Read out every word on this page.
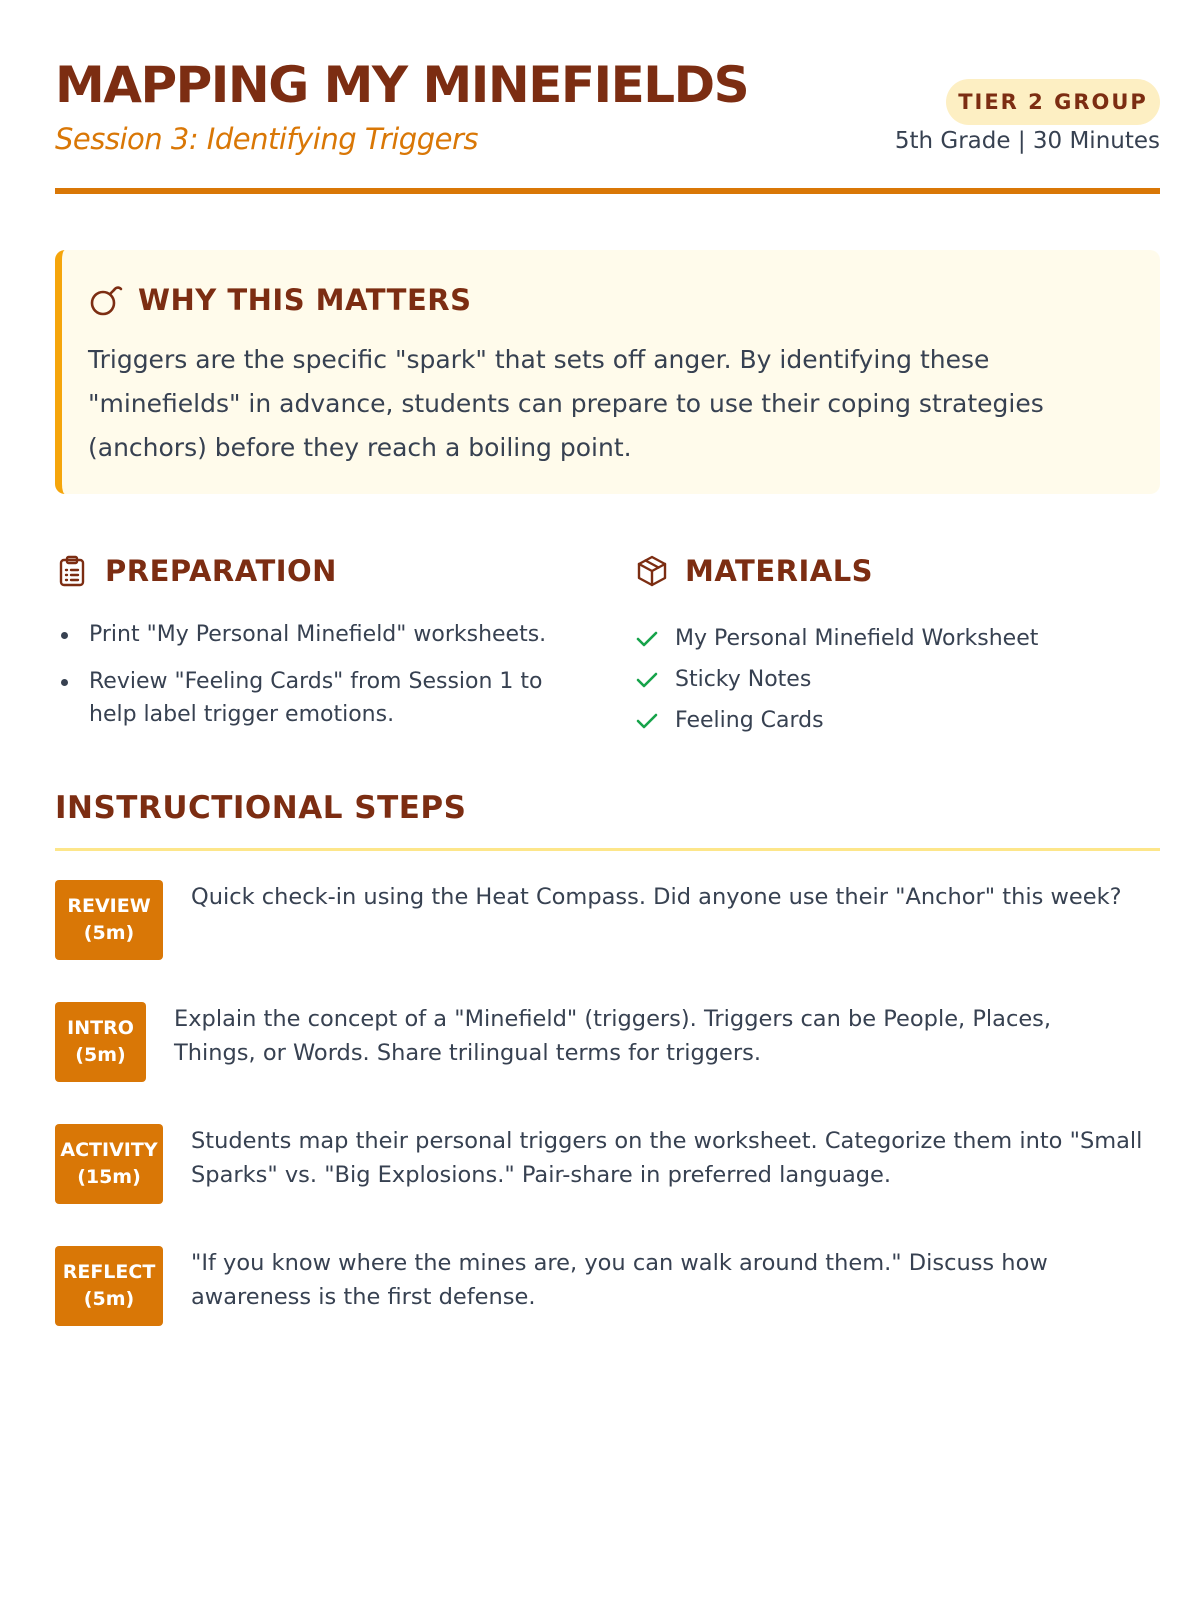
MAPPING MY MINEFIELDS
Session 3: Identifying Triggers
TIER 2 GROUP
5th Grade | 30 Minutes
WHY THIS MATTERS

Triggers are the specific "spark" that sets off anger. By identifying these "minefields" in advance, students can prepare to use their coping strategies (anchors) before they reach a boiling point.

PREPARATION
Print "My Personal Minefield" worksheets.
Review "Feeling Cards" from Session 1 to help label trigger emotions.
MATERIALS
My Personal Minefield Worksheet
Sticky Notes
Feeling Cards
INSTRUCTIONAL STEPS
REVIEW
(5m)

Quick check-in using the Heat Compass. Did anyone use their "Anchor" this week?

INTRO
(5m)

Explain the concept of a "Minefield" (triggers). Triggers can be People, Places, Things, or Words. Share trilingual terms for triggers.

ACTIVITY
(15m)

Students map their personal triggers on the worksheet. Categorize them into "Small Sparks" vs. "Big Explosions." Pair-share in preferred language.

REFLECT
(5m)

"If you know where the mines are, you can walk around them." Discuss how awareness is the first defense.
